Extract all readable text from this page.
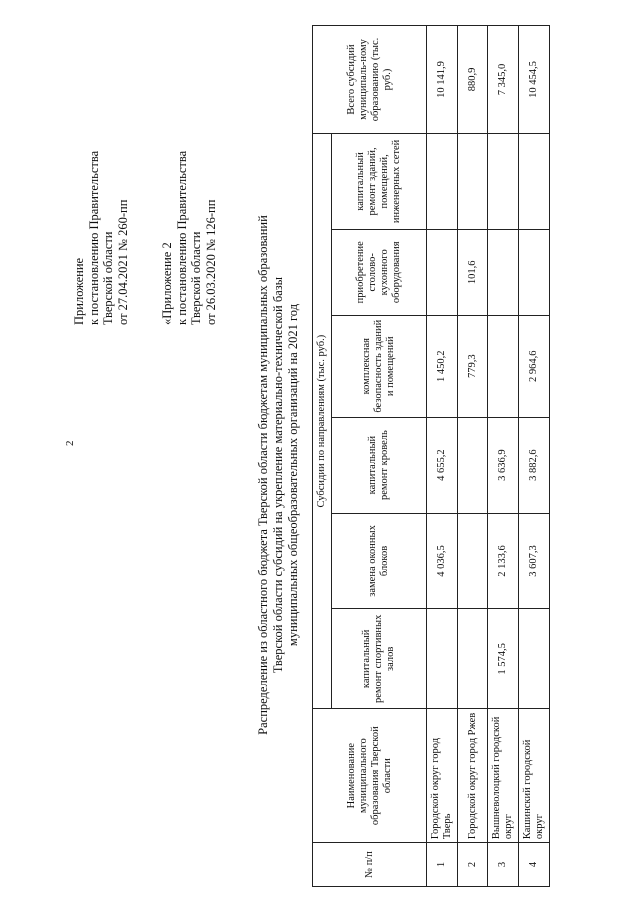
2

Приложение к постановлению Правительства Тверской области от 27.04.2021 № 260-пп «Приложение 2 к постановлению Правительства Тверской области от 26.03.2020 № 126-пп	Распределение из областного бюджета Тверской области бюджетам муниципальных образований Тверской области субсидий на укрепление материально-технической базы муниципальных общеобразовательных организаций на 2021 год

№ п/п	Наименование муниципального образования Тверской области	Субсидии по направлениям (тыс. руб.)						Всего субсидий муниципаль-ному образованию (тыс. руб.)
		капитальный ремонт спортивных залов	замена оконных блоков	капитальный ремонт кровель	комплексная безопасность зданий и помещений	приобретение столово-кухонного оборудования	капитальный ремонт зданий, помещений, инженерных сетей	
1	Городской округ город Тверь		4 036,5	4 655,2	1 450,2			10 141,9
2	Городской округ город Ржев				779,3	101,6		880,9
3	Вышневолоцкий городской округ	1 574,5	2 133,6	3 636,9				7 345,0
4	Кашинский городской округ		3 607,3	3 882,6	2 964,6			10 454,5
